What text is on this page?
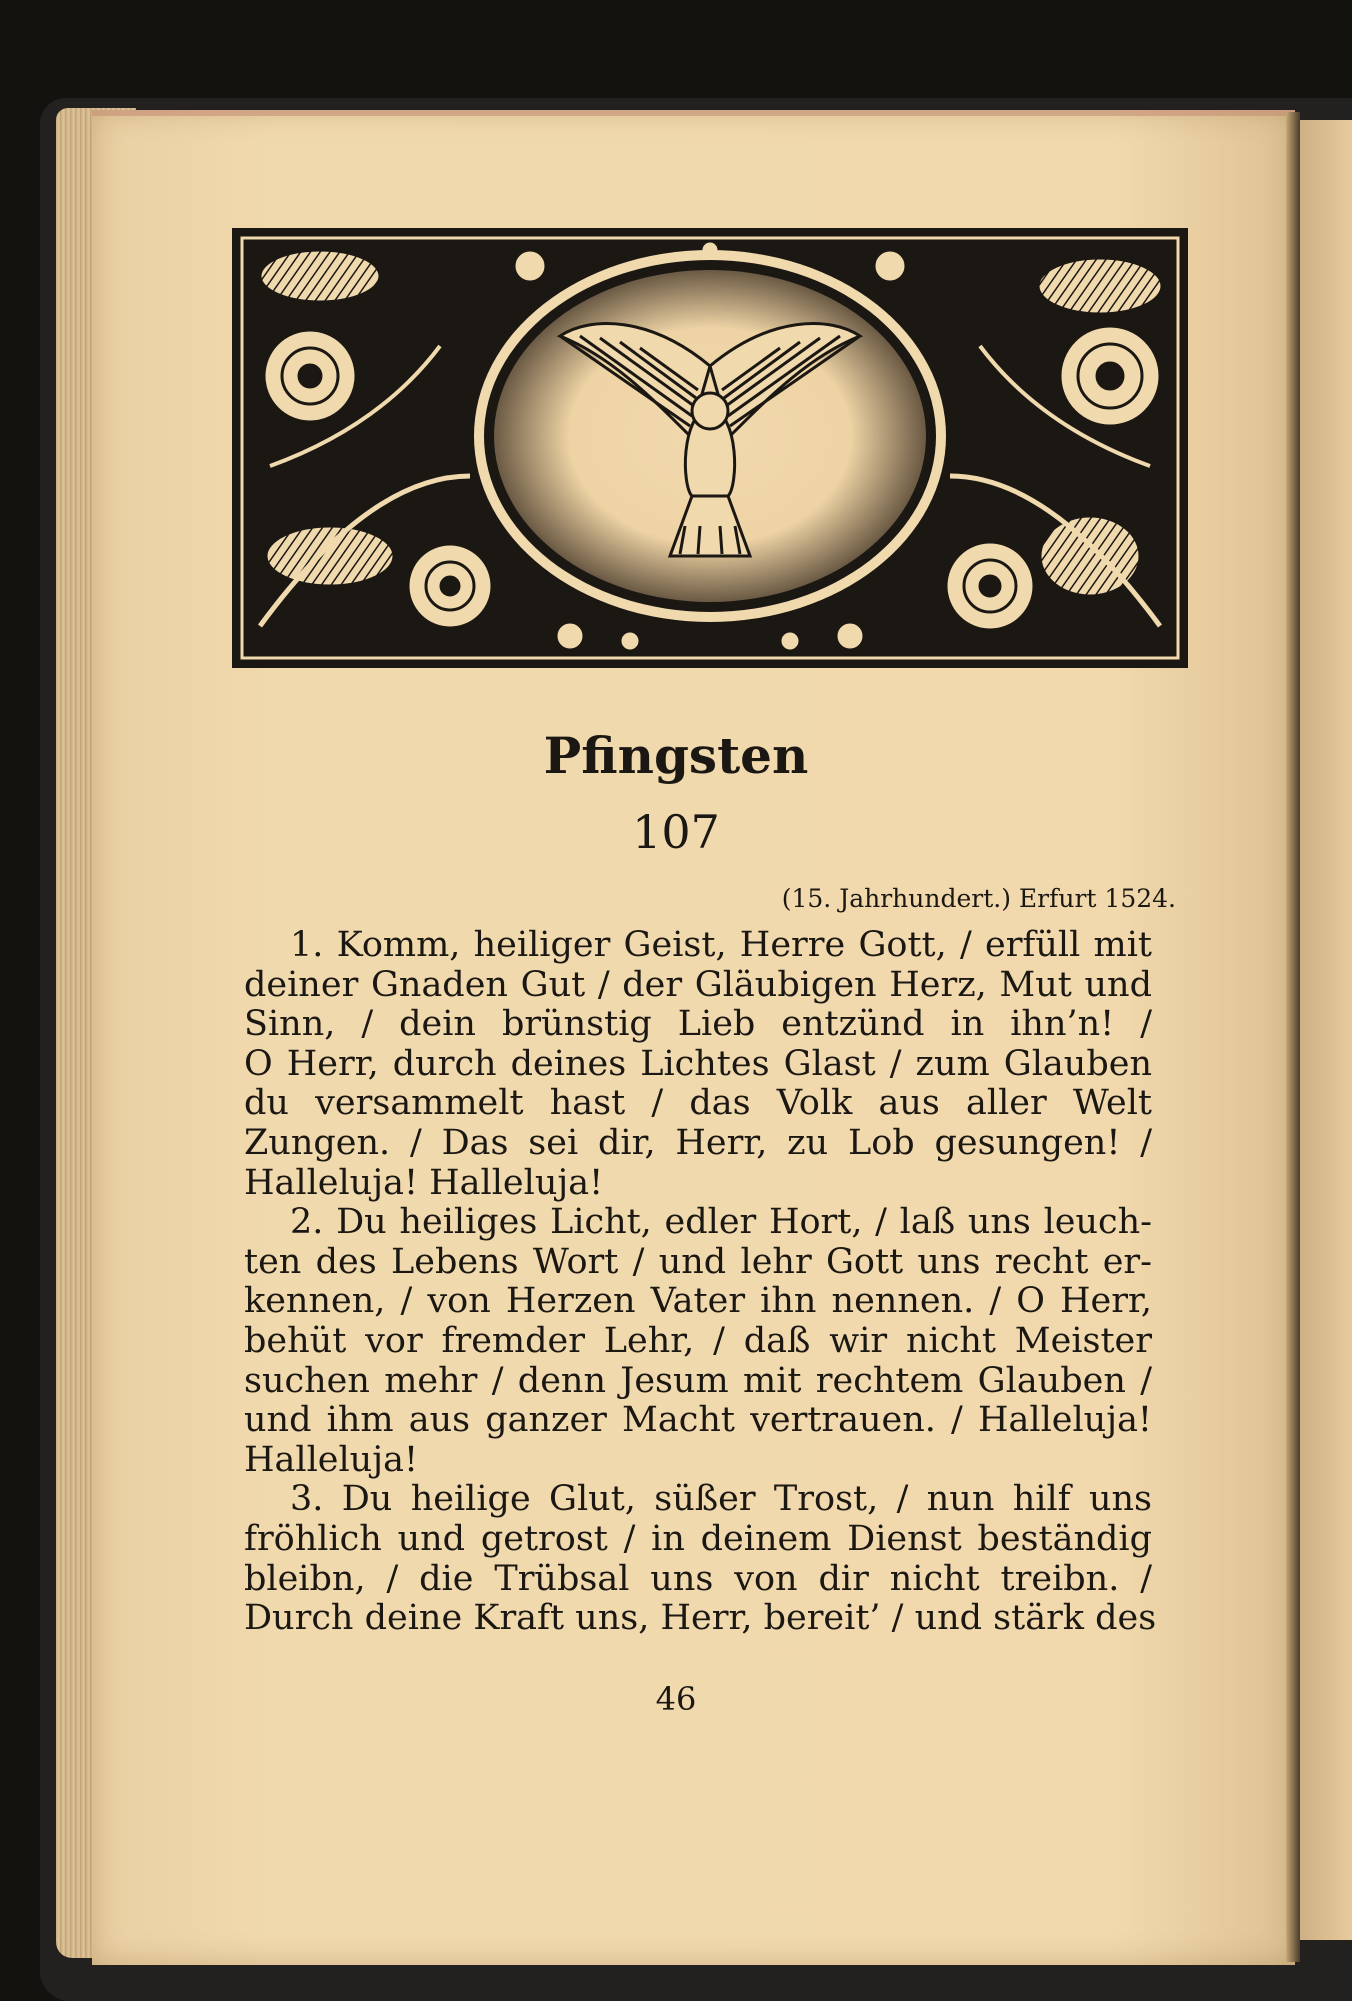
Pfingsten
107
(15. Jahrhundert.) Erfurt 1524.
1. Komm, heiliger Geist, Herre Gott, / erfüll mit
deiner Gnaden Gut / der Gläubigen Herz, Mut und
Sinn, / dein brünstig Lieb entzünd in ihn’n! /
O Herr, durch deines Lichtes Glast / zum Glauben
du versammelt hast / das Volk aus aller Welt
Zungen. / Das sei dir, Herr, zu Lob gesungen! /
Halleluja! Halleluja!
2. Du heiliges Licht, edler Hort, / laß uns leuch-
ten des Lebens Wort / und lehr Gott uns recht er-
kennen, / von Herzen Vater ihn nennen. / O Herr,
behüt vor fremder Lehr, / daß wir nicht Meister
suchen mehr / denn Jesum mit rechtem Glauben /
und ihm aus ganzer Macht vertrauen. / Halleluja!
Halleluja!
3. Du heilige Glut, süßer Trost, / nun hilf uns
fröhlich und getrost / in deinem Dienst beständig
bleibn, / die Trübsal uns von dir nicht treibn. /
Durch deine Kraft uns, Herr, bereit’ / und stärk des
46
